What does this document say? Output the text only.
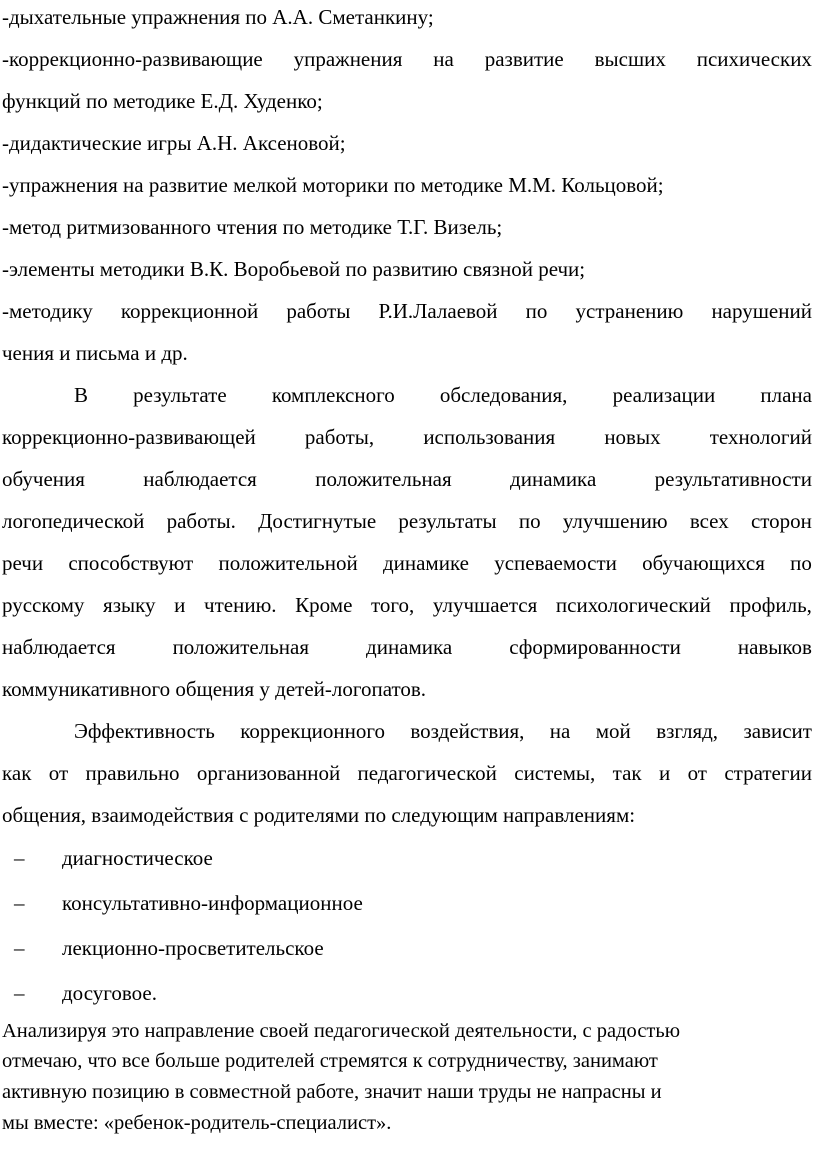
-дыхательные упражнения по А.А. Сметанкину;
-коррекционно-развивающие упражнения на развитие высших психических
функций по методике Е.Д. Худенко;
-дидактические игры А.Н. Аксеновой;
-упражнения на развитие мелкой моторики по методике М.М. Кольцовой;
-метод ритмизованного чтения по методике Т.Г. Визель;
-элементы методики В.К. Воробьевой по развитию связной речи;
-методику коррекционной работы Р.И.Лалаевой по устранению нарушений
чения и письма и др.
В результате комплексного обследования, реализации плана
коррекционно-развивающей работы, использования новых технологий
обучения	наблюдается	положительная	динамика	результативности
логопедической работы. Достигнутые результаты по улучшению всех сторон
речи способствуют положительной динамике успеваемости обучающихся по
русскому языку и чтению. Кроме того, улучшается психологический профиль,
наблюдается	положительная	динамика	сформированности	навыков
коммуникативного общения у детей-логопатов.
Эффективность коррекционного воздействия, на мой взгляд, зависит
как от правильно организованной педагогической системы, так и от стратегии
общения, взаимодействия с родителями по следующим направлениям:
– диагностическое
– консультативно-информационное
– лекционно-просветительское
– досуговое.
Анализируя это направление своей педагогической деятельности, с радостью
отмечаю, что все больше родителей стремятся к сотрудничеству, занимают
активную позицию в совместной работе, значит наши труды не напрасны и
мы вместе: «ребенок-родитель-специалист».
